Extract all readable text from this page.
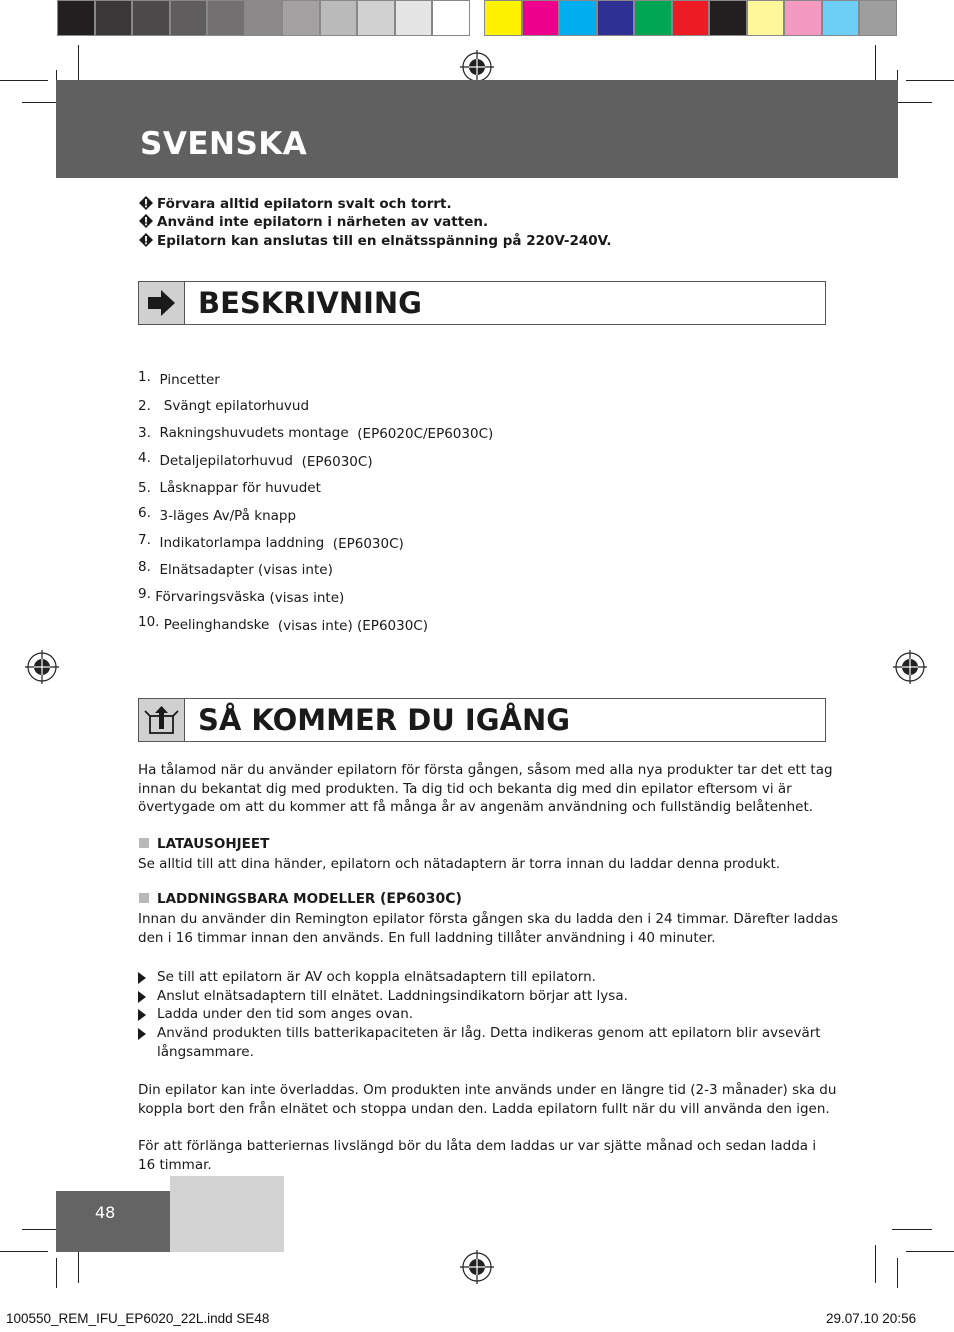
SVENSKA
Förvara alltid epilatorn svalt och torrt.
Använd inte epilatorn i närheten av vatten.
Epilatorn kan anslutas till en elnätsspänning på 220V-240V.
BESKRIVNING
1. Pincetter
2. Svängt epilatorhuvud
3. Rakningshuvudets montage (EP6020C/EP6030C)
4. Detaljepilatorhuvud (EP6030C)
5. Låsknappar för huvudet
6. 3-läges Av/På knapp
7. Indikatorlampa laddning (EP6030C)
8. Elnätsadapter (visas inte)
9. Förvaringsväska (visas inte)
10. Peelinghandske (visas inte) (EP6030C)
SÅ KOMMER DU IGÅNG
Ha tålamod när du använder epilatorn för första gången, såsom med alla nya produkter tar det ett tag innan du bekantat dig med produkten. Ta dig tid och bekanta dig med din epilator eftersom vi är övertygade om att du kommer att få många år av angenäm användning och fullständig belåtenhet.
LATAUSOHJEET
Se alltid till att dina händer, epilatorn och nätadaptern är torra innan du laddar denna produkt.
LADDNINGSBARA MODELLER (EP6030C)
Innan du använder din Remington epilator första gången ska du ladda den i 24 timmar. Därefter laddas den i 16 timmar innan den används. En full laddning tillåter användning i 40 minuter.
Se till att epilatorn är AV och koppla elnätsadaptern till epilatorn.
Anslut elnätsadaptern till elnätet. Laddningsindikatorn börjar att lysa.
Ladda under den tid som anges ovan.
Använd produkten tills batterikapaciteten är låg. Detta indikeras genom att epilatorn blir avsevärt långsammare.
Din epilator kan inte överladdas. Om produkten inte används under en längre tid (2-3 månader) ska du koppla bort den från elnätet och stoppa undan den. Ladda epilatorn fullt när du vill använda den igen.
För att förlänga batteriernas livslängd bör du låta dem laddas ur var sjätte månad och sedan ladda i 16 timmar.
48
100550_REM_IFU_EP6020_22L.indd SE48	29.07.10 20:56
